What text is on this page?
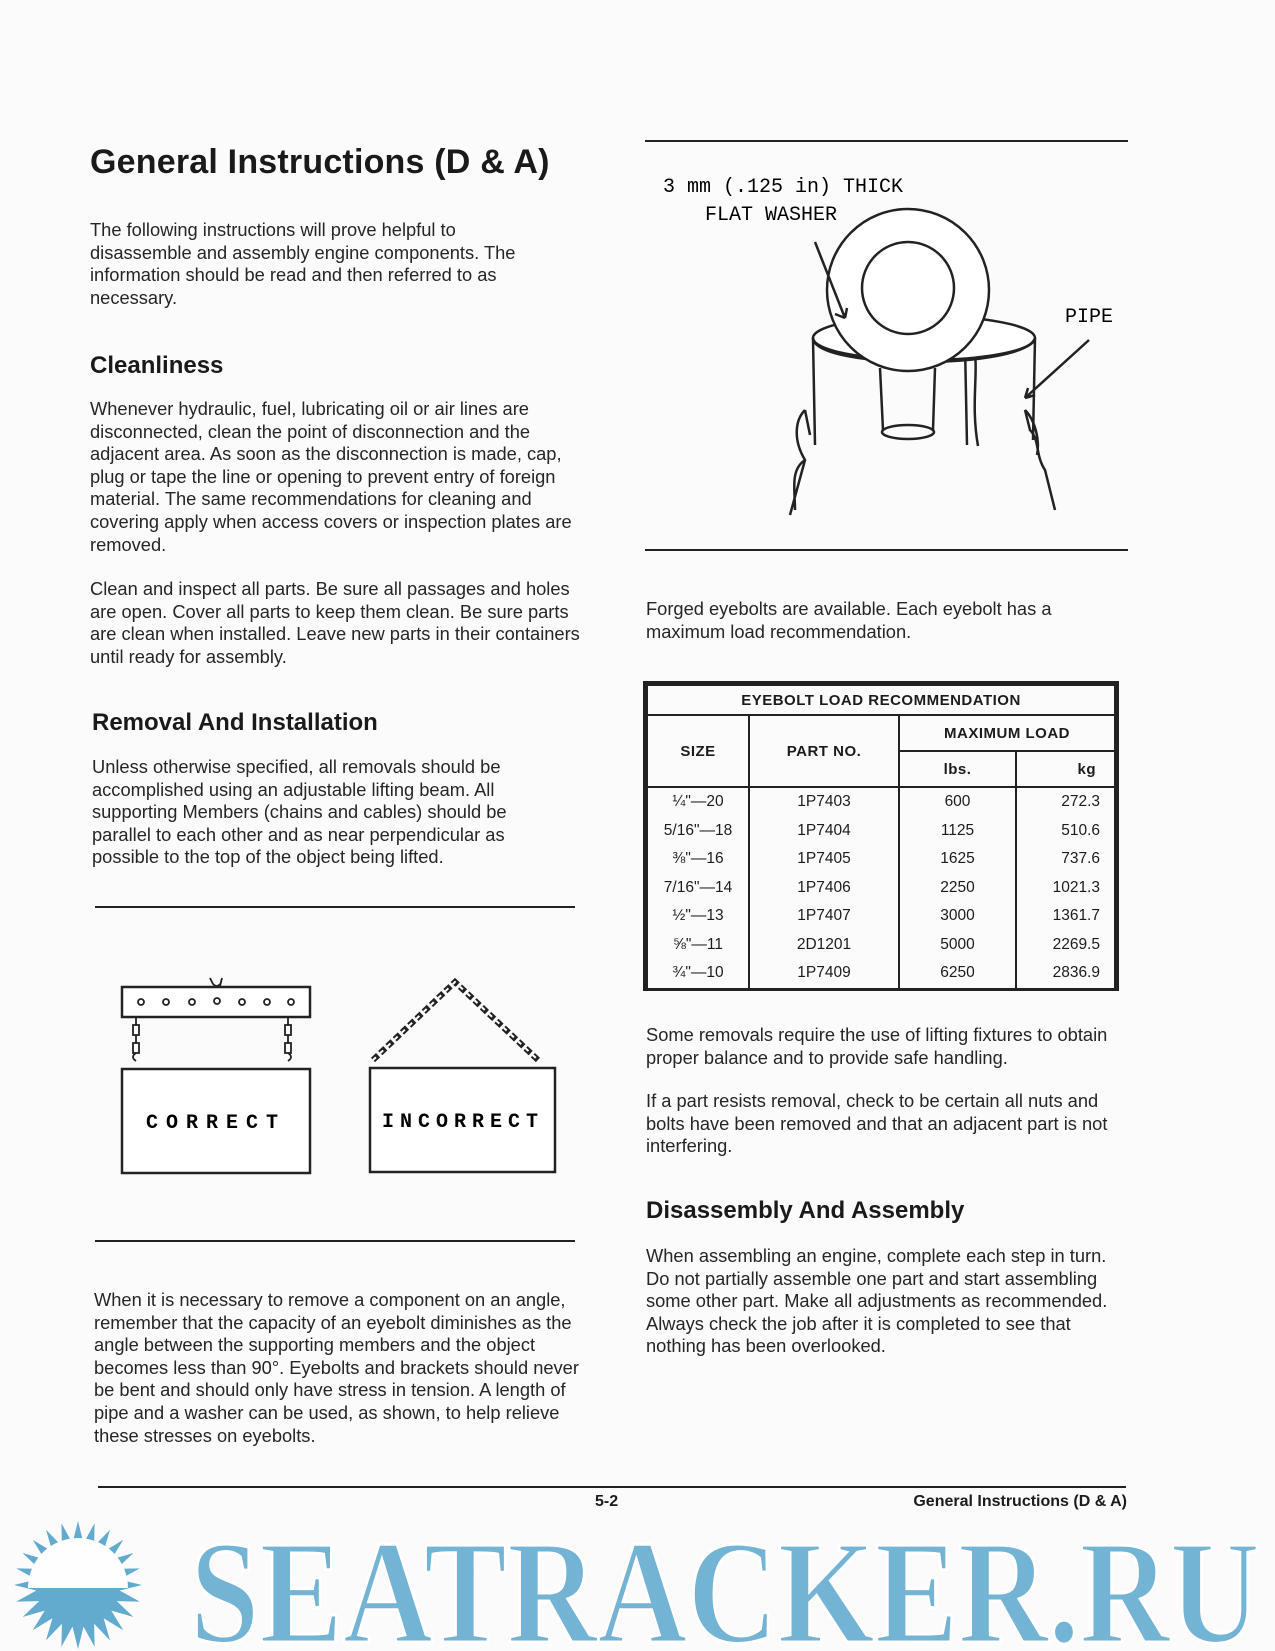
General Instructions (D & A)

The following instructions will prove helpful to disassemble and assembly engine components. The information should be read and then referred to as necessary.

Cleanliness

Whenever hydraulic, fuel, lubricating oil or air lines are disconnected, clean the point of disconnection and the adjacent area. As soon as the disconnection is made, cap, plug or tape the line or opening to prevent entry of foreign material. The same recommendations for cleaning and covering apply when access covers or inspection plates are removed.

Clean and inspect all parts. Be sure all passages and holes are open. Cover all parts to keep them clean. Be sure parts are clean when installed. Leave new parts in their containers until ready for assembly.

Removal And Installation

Unless otherwise specified, all removals should be accomplished using an adjustable lifting beam. All supporting Members (chains and cables) should be parallel to each other and as near perpendicular as possible to the top of the object being lifted.

CORRECT	INCORRECT

When it is necessary to remove a component on an angle, remember that the capacity of an eyebolt diminishes as the angle between the supporting members and the object becomes less than 90°. Eyebolts and brackets should never be bent and should only have stress in tension. A length of pipe and a washer can be used, as shown, to help relieve these stresses on eyebolts.

3 mm (.125 in) THICK
FLAT WASHER
PIPE

Forged eyebolts are available. Each eyebolt has a maximum load recommendation.

EYEBOLT LOAD RECOMMENDATION			
SIZE	PART NO.	MAXIMUM LOAD	
		lbs.	kg
¼"—20	1P7403	600	272.3
5/16"—18	1P7404	1125	510.6
⅜"—16	1P7405	1625	737.6
7/16"—14	1P7406	2250	1021.3
½"—13	1P7407	3000	1361.7
⅝"—11	2D1201	5000	2269.5
¾"—10	1P7409	6250	2836.9

Some removals require the use of lifting fixtures to obtain proper balance and to provide safe handling.

If a part resists removal, check to be certain all nuts and bolts have been removed and that an adjacent part is not interfering.

Disassembly And Assembly

When assembling an engine, complete each step in turn. Do not partially assemble one part and start assembling some other part. Make all adjustments as recommended. Always check the job after it is completed to see that nothing has been overlooked.

5-2	General Instructions (D & A)
SEATRACKER.RU
